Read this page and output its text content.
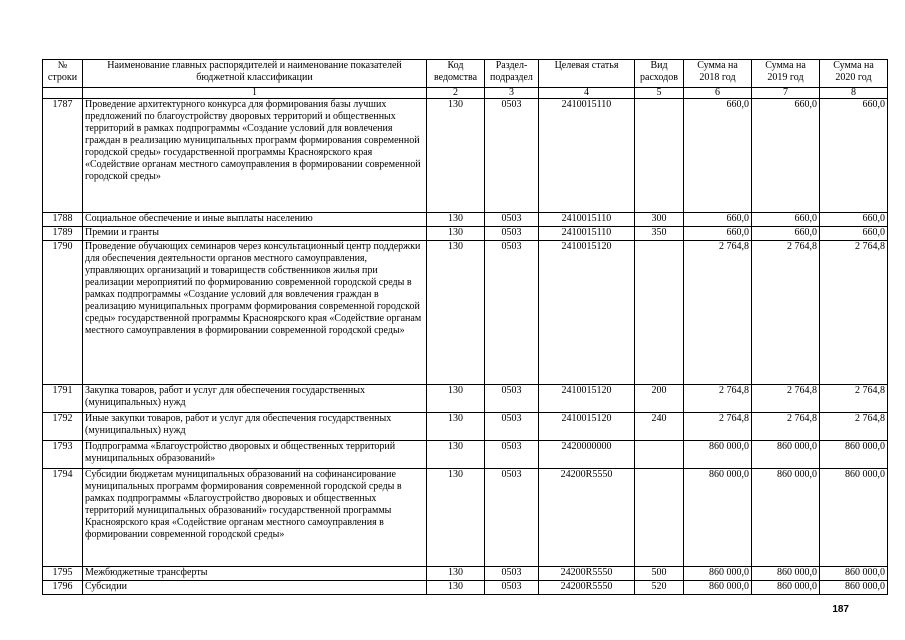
№ строки	Наименование главных распорядителей и наименование показателей бюджетной классификации	Код ведомства	Раздел-подраздел	Целевая статья	Вид расходов	Сумма на 2018 год	Сумма на 2019 год	Сумма на 2020 год
	1	2	3	4	5	6	7	8
1787	Проведение архитектурного конкурса для формирования базы лучших предложений по благоустройству дворовых территорий и общественных территорий в рамках подпрограммы «Создание условий для вовлечения граждан в реализацию муниципальных программ формирования современной городской среды» государственной программы Красноярского края «Содействие органам местного самоуправления в формировании современной городской среды»	130	0503	2410015110		660,0	660,0	660,0
1788	Социальное обеспечение и иные выплаты населению	130	0503	2410015110	300	660,0	660,0	660,0
1789	Премии и гранты	130	0503	2410015110	350	660,0	660,0	660,0
1790	Проведение обучающих семинаров через консультационный центр поддержки для обеспечения деятельности органов местного самоуправления, управляющих организаций и товариществ собственников жилья при реализации мероприятий по формированию современной городской среды в рамках подпрограммы «Создание условий для вовлечения граждан в реализацию муниципальных программ формирования современной городской среды» государственной программы Красноярского края «Содействие органам местного самоуправления в формировании современной городской среды»	130	0503	2410015120		2 764,8	2 764,8	2 764,8
1791	Закупка товаров, работ и услуг для обеспечения государственных (муниципальных) нужд	130	0503	2410015120	200	2 764,8	2 764,8	2 764,8
1792	Иные закупки товаров, работ и услуг для обеспечения государственных (муниципальных) нужд	130	0503	2410015120	240	2 764,8	2 764,8	2 764,8
1793	Подпрограмма «Благоустройство дворовых и общественных территорий муниципальных образований»	130	0503	2420000000		860 000,0	860 000,0	860 000,0
1794	Субсидии бюджетам муниципальных образований на софинансирование муниципальных программ формирования современной городской среды в рамках подпрограммы «Благоустройство дворовых и общественных территорий муниципальных образований» государственной программы Красноярского края «Содействие органам местного самоуправления в формировании современной городской среды»	130	0503	24200R5550		860 000,0	860 000,0	860 000,0
1795	Межбюджетные трансферты	130	0503	24200R5550	500	860 000,0	860 000,0	860 000,0
1796	Субсидии	130	0503	24200R5550	520	860 000,0	860 000,0	860 000,0
187
